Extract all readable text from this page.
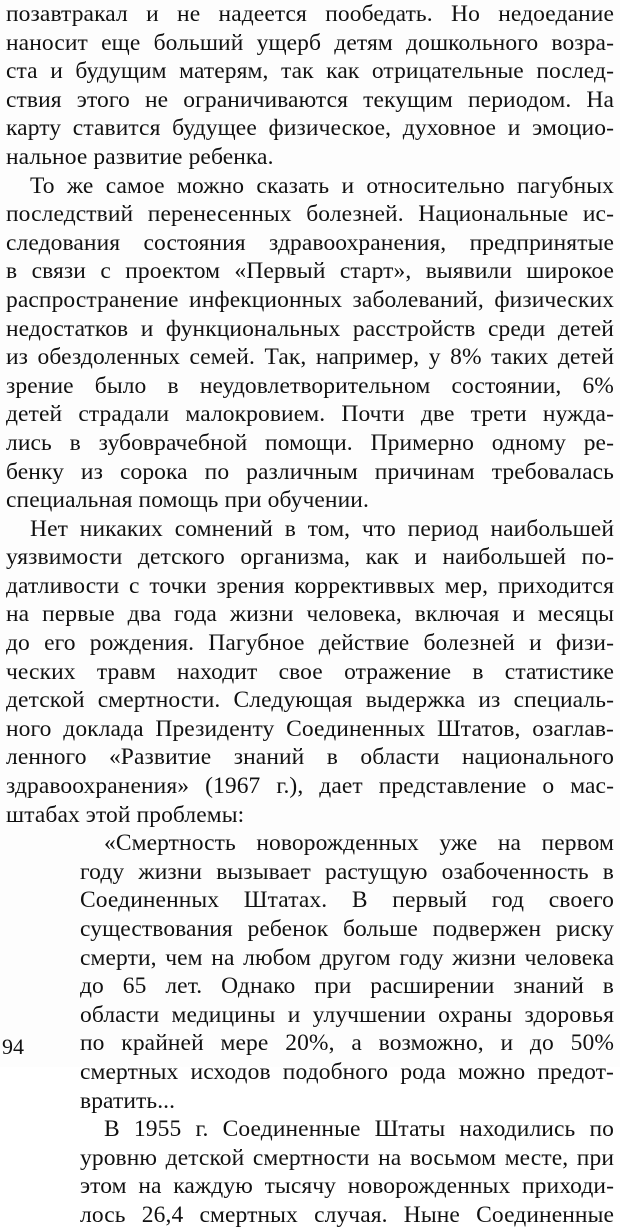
позавтракал и не надеется пообедать. Но недоедание
наносит еще больший ущерб детям дошкольного возра-
ста и будущим матерям, так как отрицательные послед-
ствия этого не ограничиваются текущим периодом. На
карту ставится будущее физическое, духовное и эмоцио-
нальное развитие ребенка.

То же самое можно сказать и относительно пагубных
последствий перенесенных болезней. Национальные ис-
следования состояния здравоохранения, предпринятые
в связи с проектом «Первый старт», выявили широкое
распространение инфекционных заболеваний, физических
недостатков и функциональных расстройств среди детей
из обездоленных семей. Так, например, у 8% таких детей
зрение было в неудовлетворительном состоянии, 6%
детей страдали малокровием. Почти две трети нужда-
лись в зубоврачебной помощи. Примерно одному ре-
бенку из сорока по различным причинам требовалась
специальная помощь при обучении.

Нет никаких сомнений в том, что период наибольшей
уязвимости детского организма, как и наибольшей по-
датливости с точки зрения коррективвых мер, приходится
на первые два года жизни человека, включая и месяцы
до его рождения. Пагубное действие болезней и физи-
ческих травм находит свое отражение в статистике
детской смертности. Следующая выдержка из специаль-
ного доклада Президенту Соединенных Штатов, озаглав-
ленного «Развитие знаний в области национального
здравоохранения» (1967 г.), дает представление о мас-
штабах этой проблемы:

«Смертность новорожденных уже на первом
году жизни вызывает растущую озабоченность в
Соединенных Штатах. В первый год своего
существования ребенок больше подвержен риску
смерти, чем на любом другом году жизни человека
до 65 лет. Однако при расширении знаний в
области медицины и улучшении охраны здоровья
по крайней мере 20%, а возможно, и до 50%
смертных исходов подобного рода можно предот-
вратить...

В 1955 г. Соединенные Штаты находились по
уровню детской смертности на восьмом месте, при
этом на каждую тысячу новорожденных приходи-
лось 26,4 смертных случая. Ныне Соединенные

94
